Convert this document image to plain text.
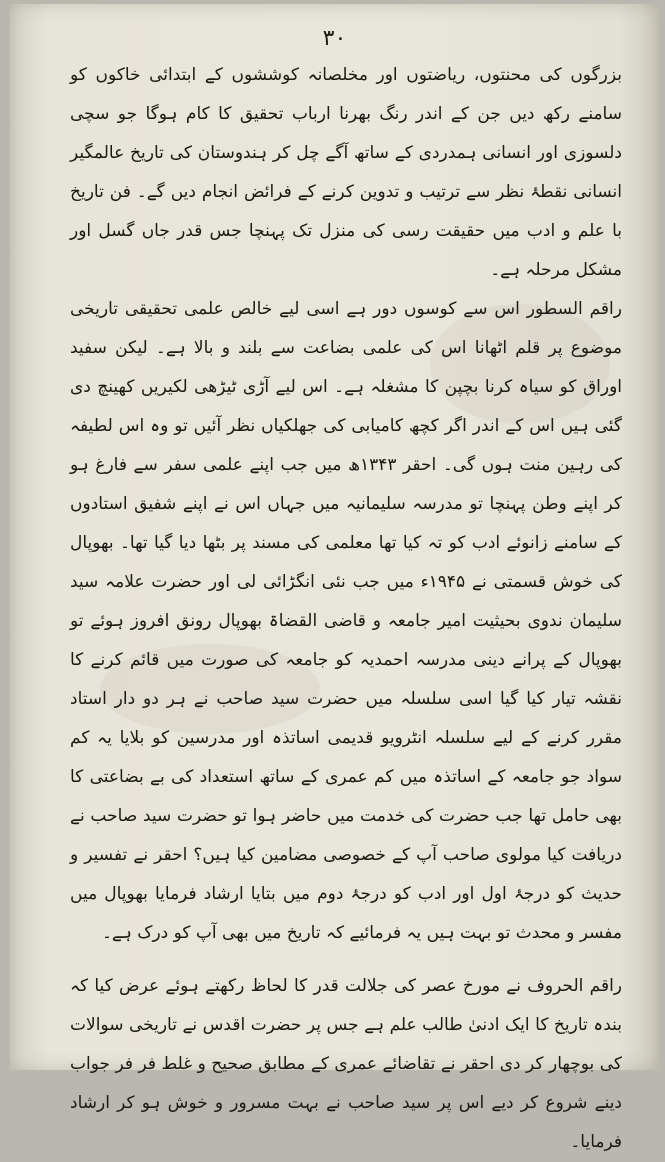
۳۰

بزرگوں کی محنتوں، ریاضتوں اور مخلصانہ کوششوں کے ابتدائی خاکوں کو سامنے رکھ دیں جن کے اندر رنگ بھرنا ارباب تحقیق کا کام ہوگا جو سچی دلسوزی اور انسانی ہمدردی کے ساتھ آگے چل کر ہندوستان کی تاریخ عالمگیر انسانی نقطۂ نظر سے ترتیب و تدوین کرنے کے فرائض انجام دیں گے۔ فن تاریخ با علم و ادب میں حقیقت رسی کی منزل تک پہنچا جس قدر جاں گسل اور مشکل مرحلہ ہے۔

راقم السطور اس سے کوسوں دور ہے اسی لیے خالص علمی تحقیقی تاریخی موضوع پر قلم اٹھانا اس کی علمی بضاعت سے بلند و بالا ہے۔ لیکن سفید اوراق کو سیاہ کرنا بچپن کا مشغلہ ہے۔ اس لیے آڑی ٹیڑھی لکیریں کھینچ دی گئی ہیں اس کے اندر اگر کچھ کامیابی کی جھلکیاں نظر آئیں تو وہ اس لطیفہ کی رہین منت ہوں گی۔ احقر ۱۳۴۳ھ میں جب اپنے علمی سفر سے فارغ ہو کر اپنے وطن پہنچا تو مدرسہ سلیمانیہ میں جہاں اس نے اپنے شفیق استادوں کے سامنے زانوئے ادب کو تہ کیا تھا معلمی کی مسند پر بٹھا دیا گیا تھا۔ بھوپال کی خوش قسمتی نے ۱۹۴۵ء میں جب نئی انگڑائی لی اور حضرت علامہ سید سلیمان ندوی بحیثیت امیر جامعہ و قاضی القضاۃ بھوپال رونق افروز ہوئے تو بھوپال کے پرانے دینی مدرسہ احمدیہ کو جامعہ کی صورت میں قائم کرنے کا نقشہ تیار کیا گیا اسی سلسلہ میں حضرت سید صاحب نے ہر دو دار استاد مقرر کرنے کے لیے سلسلہ انٹرویو قدیمی اساتذہ اور مدرسین کو بلایا یہ کم سواد جو جامعہ کے اساتذہ میں کم عمری کے ساتھ استعداد کی بے بضاعتی کا بھی حامل تھا جب حضرت کی خدمت میں حاضر ہوا تو حضرت سید صاحب نے دریافت کیا مولوی صاحب آپ کے خصوصی مضامین کیا ہیں؟ احقر نے تفسیر و حدیث کو درجۂ اول اور ادب کو درجۂ دوم میں بتایا ارشاد فرمایا بھوپال میں مفسر و محدث تو بہت ہیں یہ فرمائیے کہ تاریخ میں بھی آپ کو درک ہے۔

راقم الحروف نے مورخ عصر کی جلالت قدر کا لحاظ رکھتے ہوئے عرض کیا کہ بندہ تاریخ کا ایک ادنیٰ طالب علم ہے جس پر حضرت اقدس نے تاریخی سوالات کی بوچھار کر دی احقر نے تقاضائے عمری کے مطابق صحیح و غلط فر فر جواب دینے شروع کر دیے اس پر سید صاحب نے بہت مسرور و خوش ہو کر ارشاد فرمایا۔
